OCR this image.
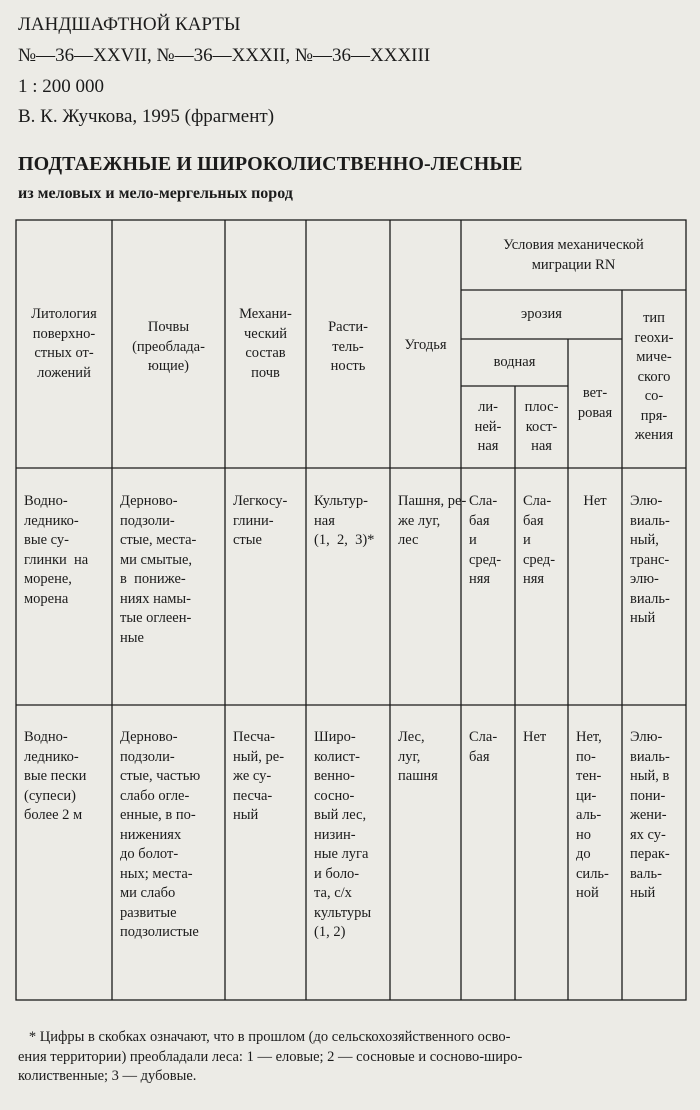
ЛАНДШАФТНОЙ КАРТЫ
№—36—XXVII, №—36—XXXII, №—36—XXXIII
1 : 200 000
В. К. Жучкова, 1995 (фрагмент)
ПОДТАЕЖНЫЕ И ШИРОКОЛИСТВЕННО-ЛЕСНЫЕ
из меловых и мело-мергельных пород
Литология
поверхно-
стных от-
ложений
Почвы
(преоблада-
ющие)
Механи-
ческий
состав
почв
Расти-
тель-
ность
Угодья
Условия механической
миграции RN
эрозия
водная
ли-
ней-
ная
плос-
кост-
ная
вет-
ровая
тип
геохи-
миче-
ского
со-
пря-
жения
Водно-
леднико-
вые су-
глинки  на
морене,
морена
Дерново-
подзоли-
стые, места-
ми смытые,
в  пониже-
ниях намы-
тые оглеен-
ные
Легкосу-
глини-
стые
Культур-
ная
(1,  2,  3)*
Пашня, ре-
же луг,
лес
Сла-
бая
и
сред-
няя
Сла-
бая
и
сред-
няя
Нет	Элю-
виаль-
ный,
транс-
элю-
виаль-
ный
Водно-
леднико-
вые пески
(супеси)
более 2 м
Дерново-
подзоли-
стые, частью
слабо огле-
енные, в по-
нижениях
до болот-
ных; места-
ми слабо
развитые
подзолистые
Песча-
ный, ре-
же су-
песча-
ный
Широ-
колист-
венно-
сосно-
вый лес,
низин-
ные луга
и боло-
та, с/х
культуры
(1, 2)
Лес,
луг,
пашня
Сла-
бая
Нет	Нет,
по-
тен-
ци-
аль-
но
до
силь-
ной
Элю-
виаль-
ный, в
пони-
жени-
ях су-
перак-
валь-
ный
* Цифры в скобках означают, что в прошлом (до сельскохозяйственного осво-
ения территории) преобладали леса: 1 — еловые; 2 — сосновые и сосново-широ-
колиственные; 3 — дубовые.
